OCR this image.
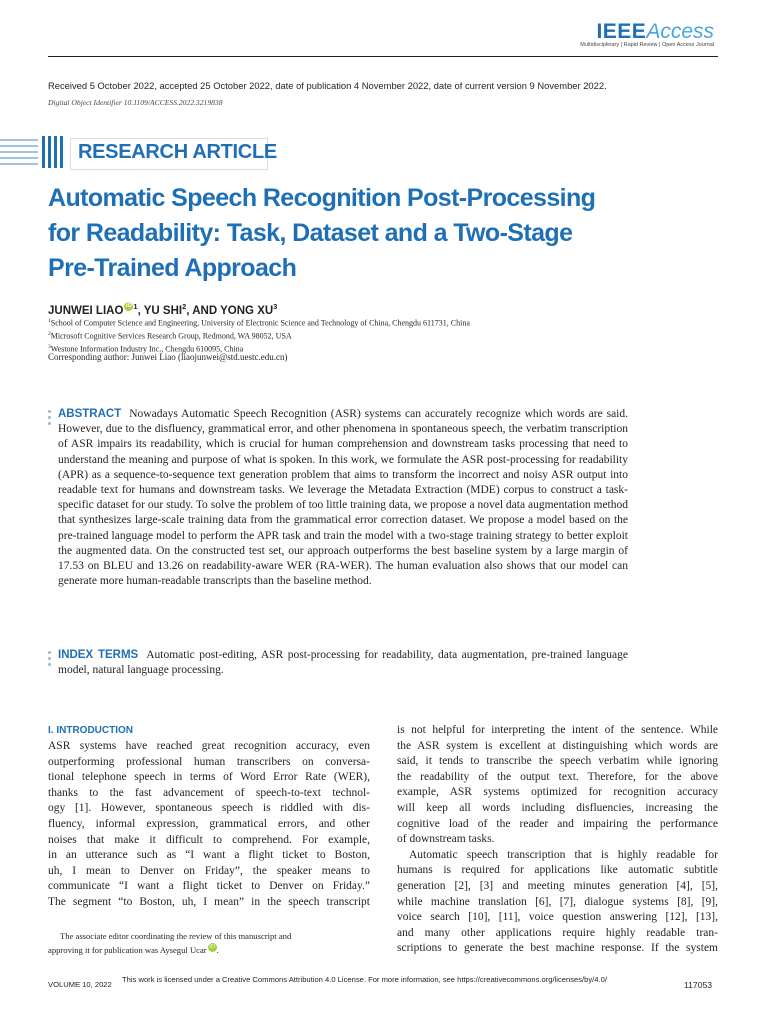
IEEEAccess
Multidisciplinary | Rapid Review | Open Access Journal
Received 5 October 2022, accepted 25 October 2022, date of publication 4 November 2022, date of current version 9 November 2022.
Digital Object Identifier 10.1109/ACCESS.2022.3219838
RESEARCH ARTICLE
Automatic Speech Recognition Post-Processing
for Readability: Task, Dataset and a Two-Stage
Pre-Trained Approach
JUNWEI LIAO iD $^1$, YU SHI$^2$, AND YONG $XU^3$
$^1$School of Computer Science and Engineering, University of Electronic Science and Technology of China, Chengdu 611731, China
$^2$Microsoft Cognitive Services Research Group, Redmond, WA 98052, USA
$^3$Westone Information Industry Inc., Chengdu 610095, China
Corresponding author: Junwei Liao (liaojunwei@std.uestc.edu.cn)
ABSTRACT Nowadays Automatic Speech Recognition (ASR) systems can accurately recognize which words are said. However, due to the disfluency, grammatical error, and other phenomena in spontaneous speech, the verbatim transcription of ASR impairs its readability, which is crucial for human comprehension and downstream tasks processing that need to understand the meaning and purpose of what is spoken. In this work, we formulate the ASR post-processing for readability (APR) as a sequence-to-sequence text generation problem that aims to transform the incorrect and noisy ASR output into readable text for humans and downstream tasks. We leverage the Metadata Extraction (MDE) corpus to construct a task-specific dataset for our study. To solve the problem of too little training data, we propose a novel data augmentation method that synthesizes large-scale training data from the grammatical error correction dataset. We propose a model based on the pre-trained language model to perform the APR task and train the model with a two-stage training strategy to better exploit the augmented data. On the constructed test set, our approach outperforms the best baseline system by a large margin of 17.53 on BLEU and 13.26 on readability-aware WER (RA-WER). The human evaluation also shows that our model can generate more human-readable transcripts than the baseline method.
INDEX TERMS Automatic post-editing, ASR post-processing for readability, data augmentation, pre-trained language model, natural language processing.
I. INTRODUCTION
ASR systems have reached great recognition accuracy, even
outperforming professional human transcribers on conversa-
tional telephone speech in terms of Word Error Rate (WER),
thanks to the fast advancement of speech-to-text technol-
ogy [1]. However, spontaneous speech is riddled with dis-
fluency, informal expression, grammatical errors, and other
noises that make it difficult to comprehend. For example,
in an utterance such as “I want a flight ticket to Boston,
uh, I mean to Denver on Friday”, the speaker means to
communicate “I want a flight ticket to Denver on Friday.”
The segment “to Boston, uh, I mean” in the speech transcript
The associate editor coordinating the review of this manuscript and
approving it for publication was Aysegul Ucar iD .
is not helpful for interpreting the intent of the sentence. While
the ASR system is excellent at distinguishing which words are
said, it tends to transcribe the speech verbatim while ignoring
the readability of the output text. Therefore, for the above
example, ASR systems optimized for recognition accuracy
will keep all words including disfluencies, increasing the
cognitive load of the reader and impairing the performance
of downstream tasks.
Automatic speech transcription that is highly readable for
humans is required for applications like automatic subtitle
generation [2], [3] and meeting minutes generation [4], [5],
while machine translation [6], [7], dialogue systems [8], [9],
voice search [10], [11], voice question answering [12], [13],
and many other applications require highly readable tran-
scriptions to generate the best machine response. If the system
VOLUME 10, 2022
This work is licensed under a Creative Commons Attribution 4.0 License. For more information, see https://creativecommons.org/licenses/by/4.0/
117053
